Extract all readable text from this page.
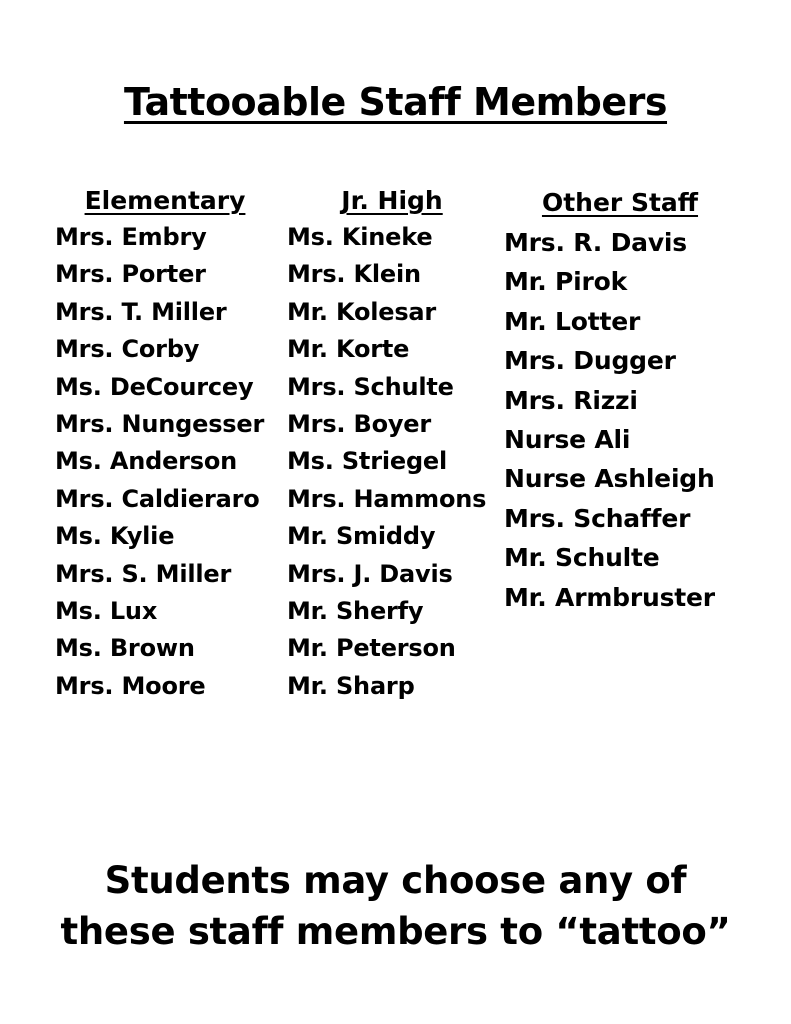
Tattooable Staff Members
Elementary
Mrs. Embry
Mrs. Porter
Mrs. T. Miller
Mrs. Corby
Ms. DeCourcey
Mrs. Nungesser
Ms. Anderson
Mrs. Caldieraro
Ms. Kylie
Mrs. S. Miller
Ms. Lux
Ms. Brown
Mrs. Moore
Jr. High
Ms. Kineke
Mrs. Klein
Mr. Kolesar
Mr. Korte
Mrs. Schulte
Mrs. Boyer
Ms. Striegel
Mrs. Hammons
Mr. Smiddy
Mrs. J. Davis
Mr. Sherfy
Mr. Peterson
Mr. Sharp
Other Staff
Mrs. R. Davis
Mr. Pirok
Mr. Lotter
Mrs. Dugger
Mrs. Rizzi
Nurse Ali
Nurse Ashleigh
Mrs. Schaffer
Mr. Schulte
Mr. Armbruster
Students may choose any of
these staff members to “tattoo”
